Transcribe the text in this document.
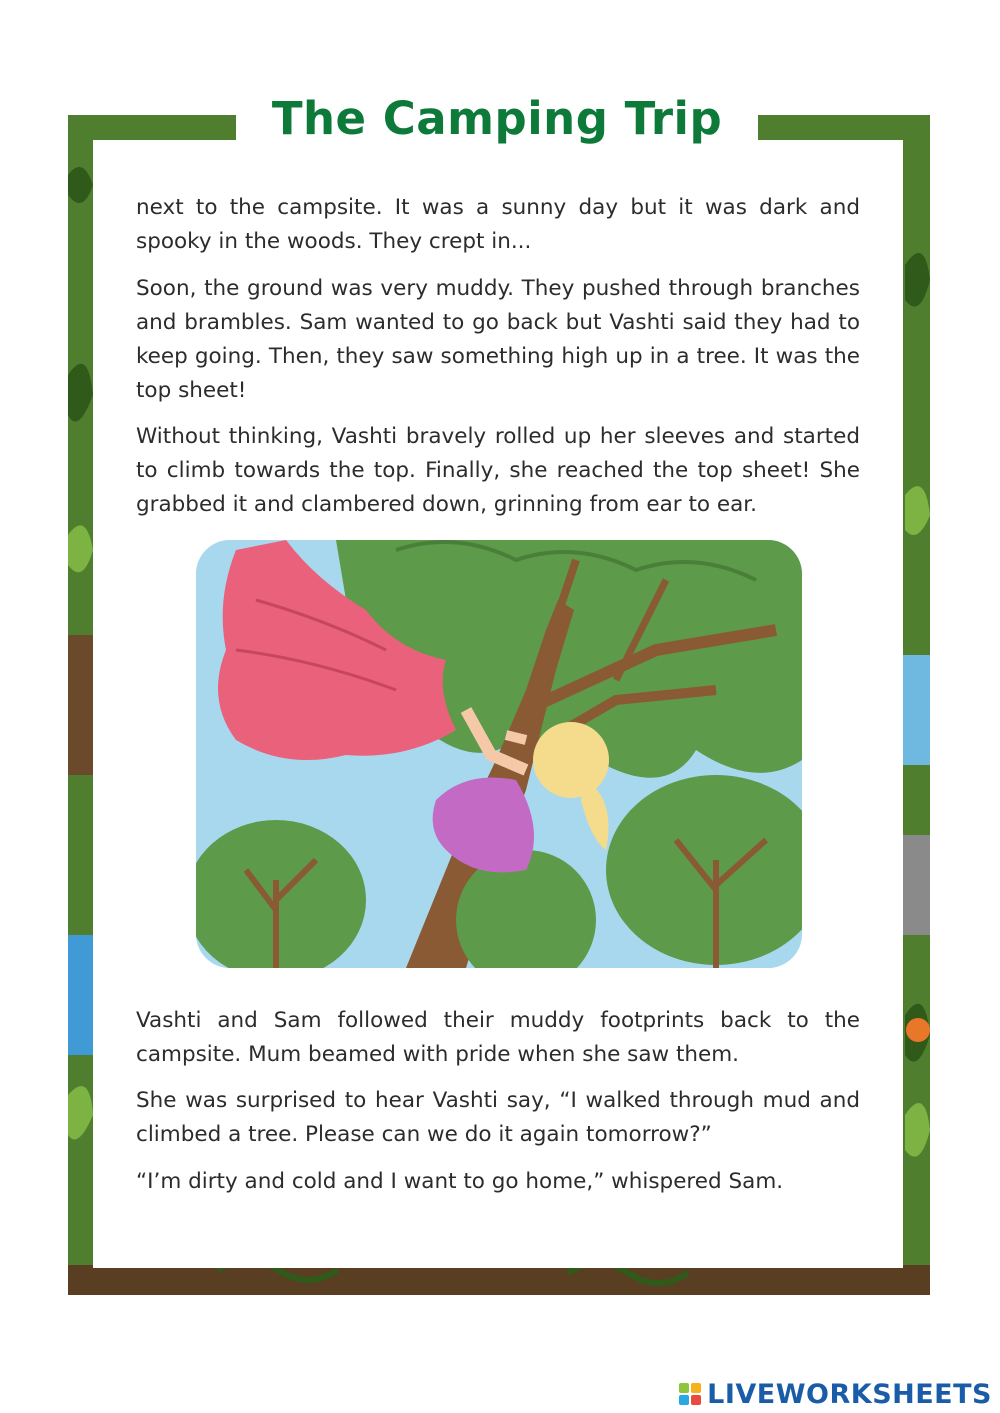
The Camping Trip

next to the campsite. It was a sunny day but it was dark and spooky in the woods. They crept in...

Soon, the ground was very muddy. They pushed through branches and brambles. Sam wanted to go back but Vashti said they had to keep going. Then, they saw something high up in a tree. It was the top sheet!

Without thinking, Vashti bravely rolled up her sleeves and started to climb towards the top. Finally, she reached the top sheet! She grabbed it and clambered down, grinning from ear to ear.

Vashti and Sam followed their muddy footprints back to the campsite. Mum beamed with pride when she saw them.

She was surprised to hear Vashti say, “I walked through mud and climbed a tree. Please can we do it again tomorrow?”

“I’m dirty and cold and I want to go home,” whispered Sam.

LIVEWORKSHEETS
